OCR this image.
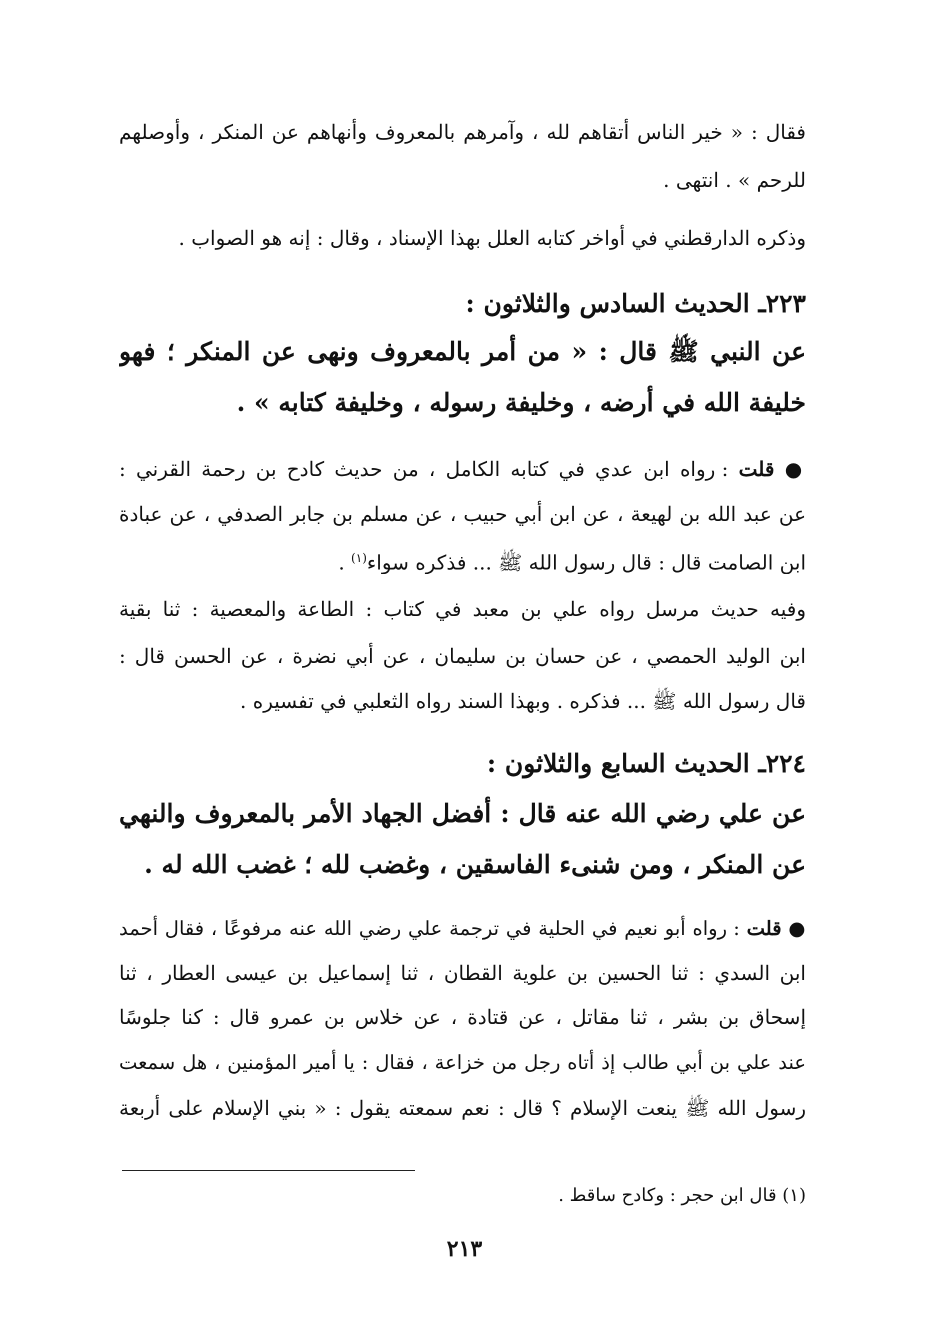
فقال : « خير الناس أتقاهم لله ، وآمرهم بالمعروف وأنهاهم عن المنكر ، وأوصلهم
للرحم » . انتهى .
وذكره الدارقطني في أواخر كتابه العلل بهذا الإسناد ، وقال : إنه هو الصواب .
٢٢٣ـ الحديث السادس والثلاثون :
عن النبي ﷺ قال : « من أمر بالمعروف ونهى عن المنكر ؛ فهو
خليفة الله في أرضه ، وخليفة رسوله ، وخليفة كتابه » .
● قلت : رواه ابن عدي في كتابه الكامل ، من حديث كادح بن رحمة القرني :
عن عبد الله بن لهيعة ، عن ابن أبي حبيب ، عن مسلم بن جابر الصدفي ، عن عبادة
ابن الصامت قال : قال رسول الله ﷺ ... فذكره سواء$^{(١)}$ .
وفيه حديث مرسل رواه علي بن معبد في كتاب : الطاعة والمعصية : ثنا بقية
ابن الوليد الحمصي ، عن حسان بن سليمان ، عن أبي نضرة ، عن الحسن قال :
قال رسول الله ﷺ ... فذكره . وبهذا السند رواه الثعلبي في تفسيره .
٢٢٤ـ الحديث السابع والثلاثون :
عن علي رضي الله عنه قال : أفضل الجهاد الأمر بالمعروف والنهي
عن المنكر ، ومن شنىء الفاسقين ، وغضب لله ؛ غضب الله له .
● قلت : رواه أبو نعيم في الحلية في ترجمة علي رضي الله عنه مرفوعًا ، فقال أحمد
ابن السدي : ثنا الحسين بن علوية القطان ، ثنا إسماعيل بن عيسى العطار ، ثنا
إسحاق بن بشر ، ثنا مقاتل ، عن قتادة ، عن خلاس بن عمرو قال : كنا جلوسًا
عند علي بن أبي طالب إذ أتاه رجل من خزاعة ، فقال : يا أمير المؤمنين ، هل سمعت
رسول الله ﷺ ينعت الإسلام ؟ قال : نعم سمعته يقول : « بني الإسلام على أربعة
(١) قال ابن حجر : وكادح ساقط .
٢١٣
